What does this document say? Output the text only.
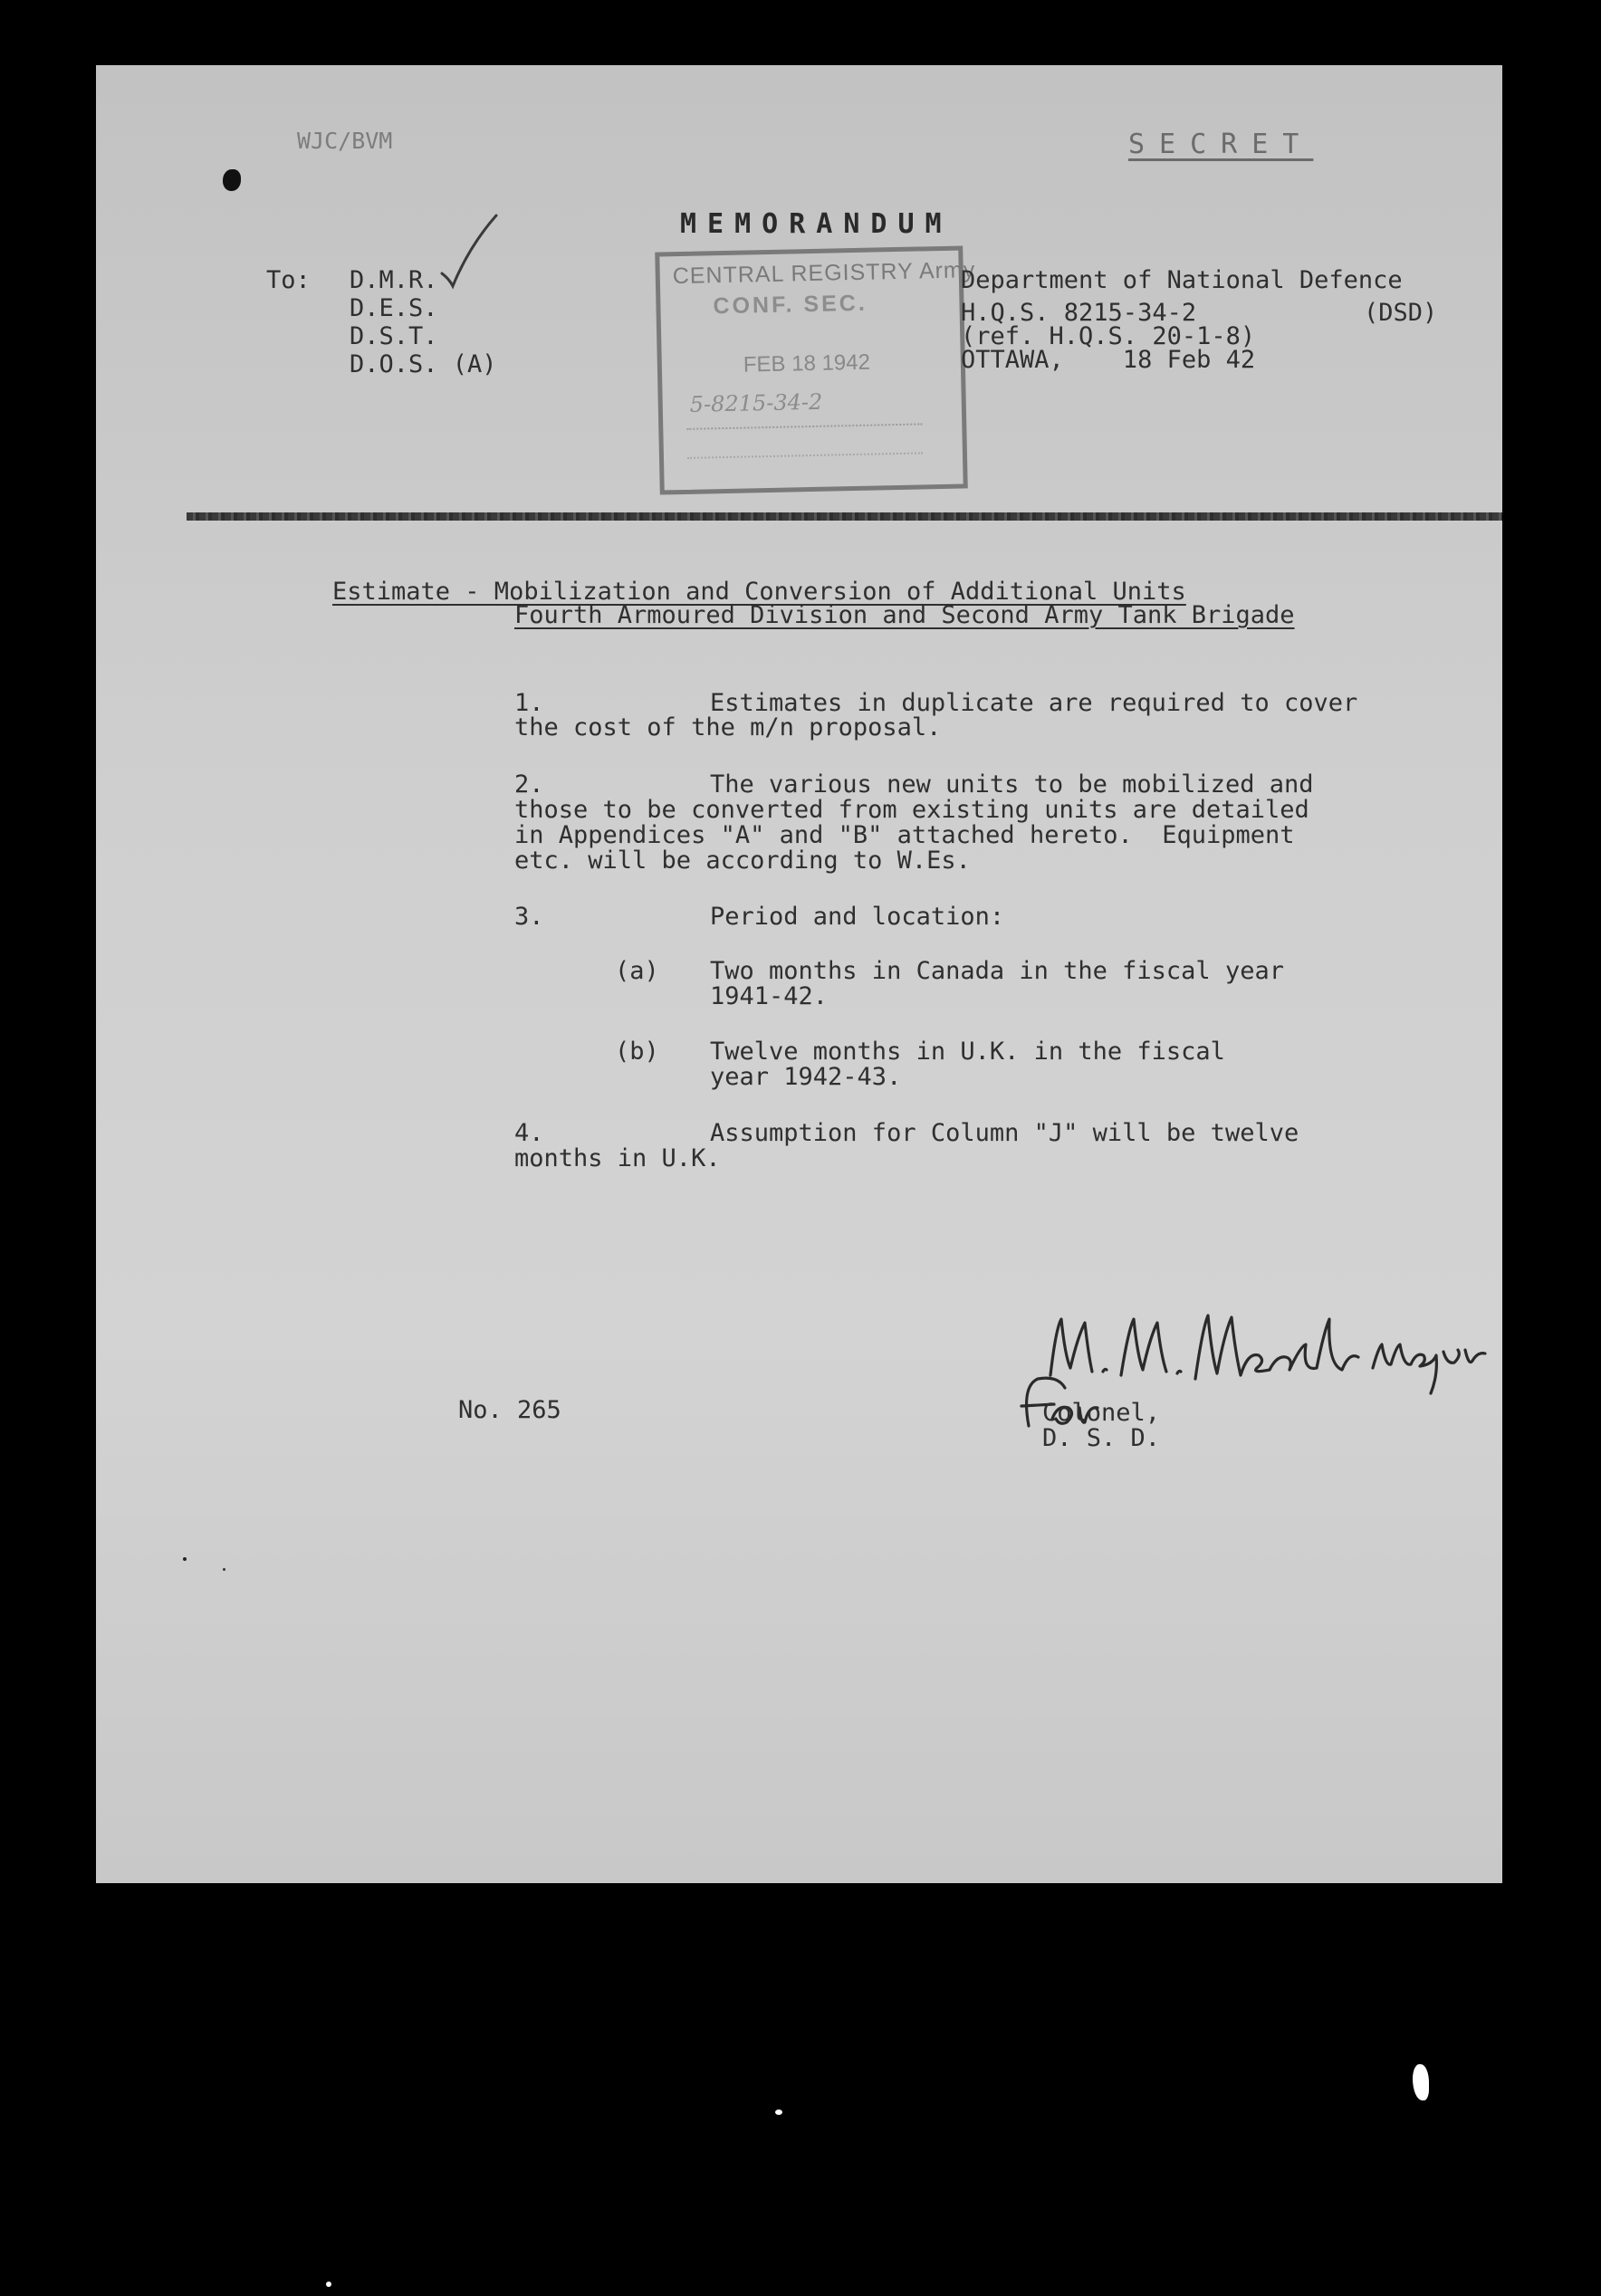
WJC/BVM	SECRET
MEMORANDUM
To: D.M.R.
D.E.S.
D.S.T.
D.O.S. (A)
CENTRAL REGISTRY Army
CONF. SEC.
FEB 18 1942
5-8215-34-2
Department of National Defence
H.Q.S. 8215-34-2	(DSD)
(ref. H.Q.S. 20-1-8)
OTTAWA,    18 Feb 42
Estimate - Mobilization and Conversion of Additional Units
Fourth Armoured Division and Second Army Tank Brigade
1.	Estimates in duplicate are required to cover
the cost of the m/n proposal.
2.	The various new units to be mobilized and
those to be converted from existing units are detailed
in Appendices "A" and "B" attached hereto.  Equipment
etc. will be according to W.Es.
3.	Period and location:
(a) Two months in Canada in the fiscal year
1941-42.
(b) Twelve months in U.K. in the fiscal
year 1942-43.
4.	Assumption for Column "J" will be twelve
months in U.K.
No. 265	Colonel,
D. S. D.
